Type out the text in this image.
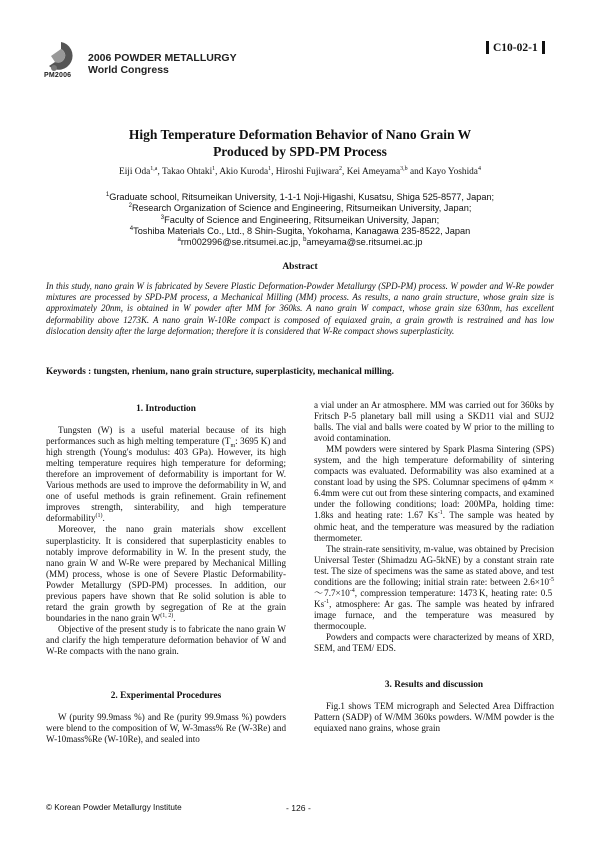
PM2006
2006 POWDER METALLURGY
World Congress
C10-02-1
High Temperature Deformation Behavior of Nano Grain W
Produced by SPD-PM Process
Eiji Oda$^{1,a}$, Takao Ohtaki$^1$, Akio Kuroda$^1$, Hiroshi Fujiwara$^2$, Kei Ameyama$^{3,b}$ and Kayo Yoshida$^4$

$^1$Graduate school, Ritsumeikan University, 1-1-1 Noji-Higashi, Kusatsu, Shiga 525-8577, Japan;

$^2$Research Organization of Science and Engineering, Ritsumeikan University, Japan;

$^3$Faculty of Science and Engineering, Ritsumeikan University, Japan;

$^4$Toshiba Materials Co., Ltd., 8 Shin-Sugita, Yokohama, Kanagawa 235-8522, Japan

$^a$rm002996@se.ritsumei.ac.jp, $^b$ameyama@se.ritsumei.ac.jp

Abstract
In this study, nano grain W is fabricated by Severe Plastic Deformation-Powder Metallurgy (SPD-PM) process. W powder and W-Re powder mixtures are processed by SPD-PM process, a Mechanical Milling (MM) process. As results, a nano grain structure, whose grain size is approximately 20nm, is obtained in W powder after MM for 360ks. A nano grain W compact, whose grain size 630nm, has excellent deformability above 1273K. A nano grain W-10Re compact is composed of equiaxed grain, a grain growth is restrained and has low dislocation density after the large deformation; therefore it is considered that W-Re compact shows superplasticity.
Keywords : tungsten, rhenium, nano grain structure, superplasticity, mechanical milling.
1. Introduction

Tungsten (W) is a useful material because of its high performances such as high melting temperature ($T_m$: 3695 K) and high strength (Young's modulus: 403 GPa). However, its high melting temperature requires high temperature for deforming; therefore an improvement of deformability is important for W. Various methods are used to improve the deformability in W, and one of useful methods is grain refinement. Grain refinement improves strength, sinterability, and high temperature deformability$^{(1)}$.

Moreover, the nano grain materials show excellent superplasticity. It is considered that superplasticity enables to notably improve deformability in W. In the present study, the nano grain W and W-Re were prepared by Mechanical Milling (MM) process, whose is one of Severe Plastic Deformability-Powder Metallurgy (SPD-PM) processes. In addition, our previous papers have shown that Re solid solution is able to retard the grain growth by segregation of Re at the grain boundaries in the nano grain W$^{(1, 2)}$.

Objective of the present study is to fabricate the nano grain W and clarify the high temperature deformation behavior of W and W-Re compacts with the nano grain.

2. Experimental Procedures

W (purity 99.9mass %) and Re (purity 99.9mass %) powders were blend to the composition of W, W-3mass% Re (W-3Re) and W-10mass%Re (W-10Re), and sealed into

a vial under an Ar atmosphere. MM was carried out for 360ks by Fritsch P-5 planetary ball mill using a SKD11 vial and SUJ2 balls. The vial and balls were coated by W prior to the milling to avoid contamination.

MM powders were sintered by Spark Plasma Sintering (SPS) system, and the high temperature deformability of sintering compacts was evaluated. Deformability was also examined at a constant load by using the SPS. Columnar specimens of φ4mm × 6.4mm were cut out from these sintering compacts, and examined under the following conditions; load: 200MPa, holding time: 1.8ks and heating rate: 1.67 $Ks^{-1}$. The sample was heated by ohmic heat, and the temperature was measured by the radiation thermometer.

The strain-rate sensitivity, m-value, was obtained by Precision Universal Tester (Shimadzu AG-5kNE) by a constant strain rate test. The size of specimens was the same as stated above, and test conditions are the following; initial strain rate: between $2.6\times 10^{-5}\sim 7.7\times 10^{-4}$, compression temperature: 1473 K, heating rate: 0.5 $Ks^{-1}$, atmosphere: Ar gas. The sample was heated by infrared image furnace, and the temperature was measured by thermocouple.

Powders and compacts were characterized by means of XRD, SEM, and TEM/ EDS.

3. Results and discussion

Fig.1 shows TEM micrograph and Selected Area Diffraction Pattern (SADP) of W/MM 360ks powders. W/MM powder is the equiaxed nano grains, whose grain

© Korean Powder Metallurgy Institute	- 126 -
